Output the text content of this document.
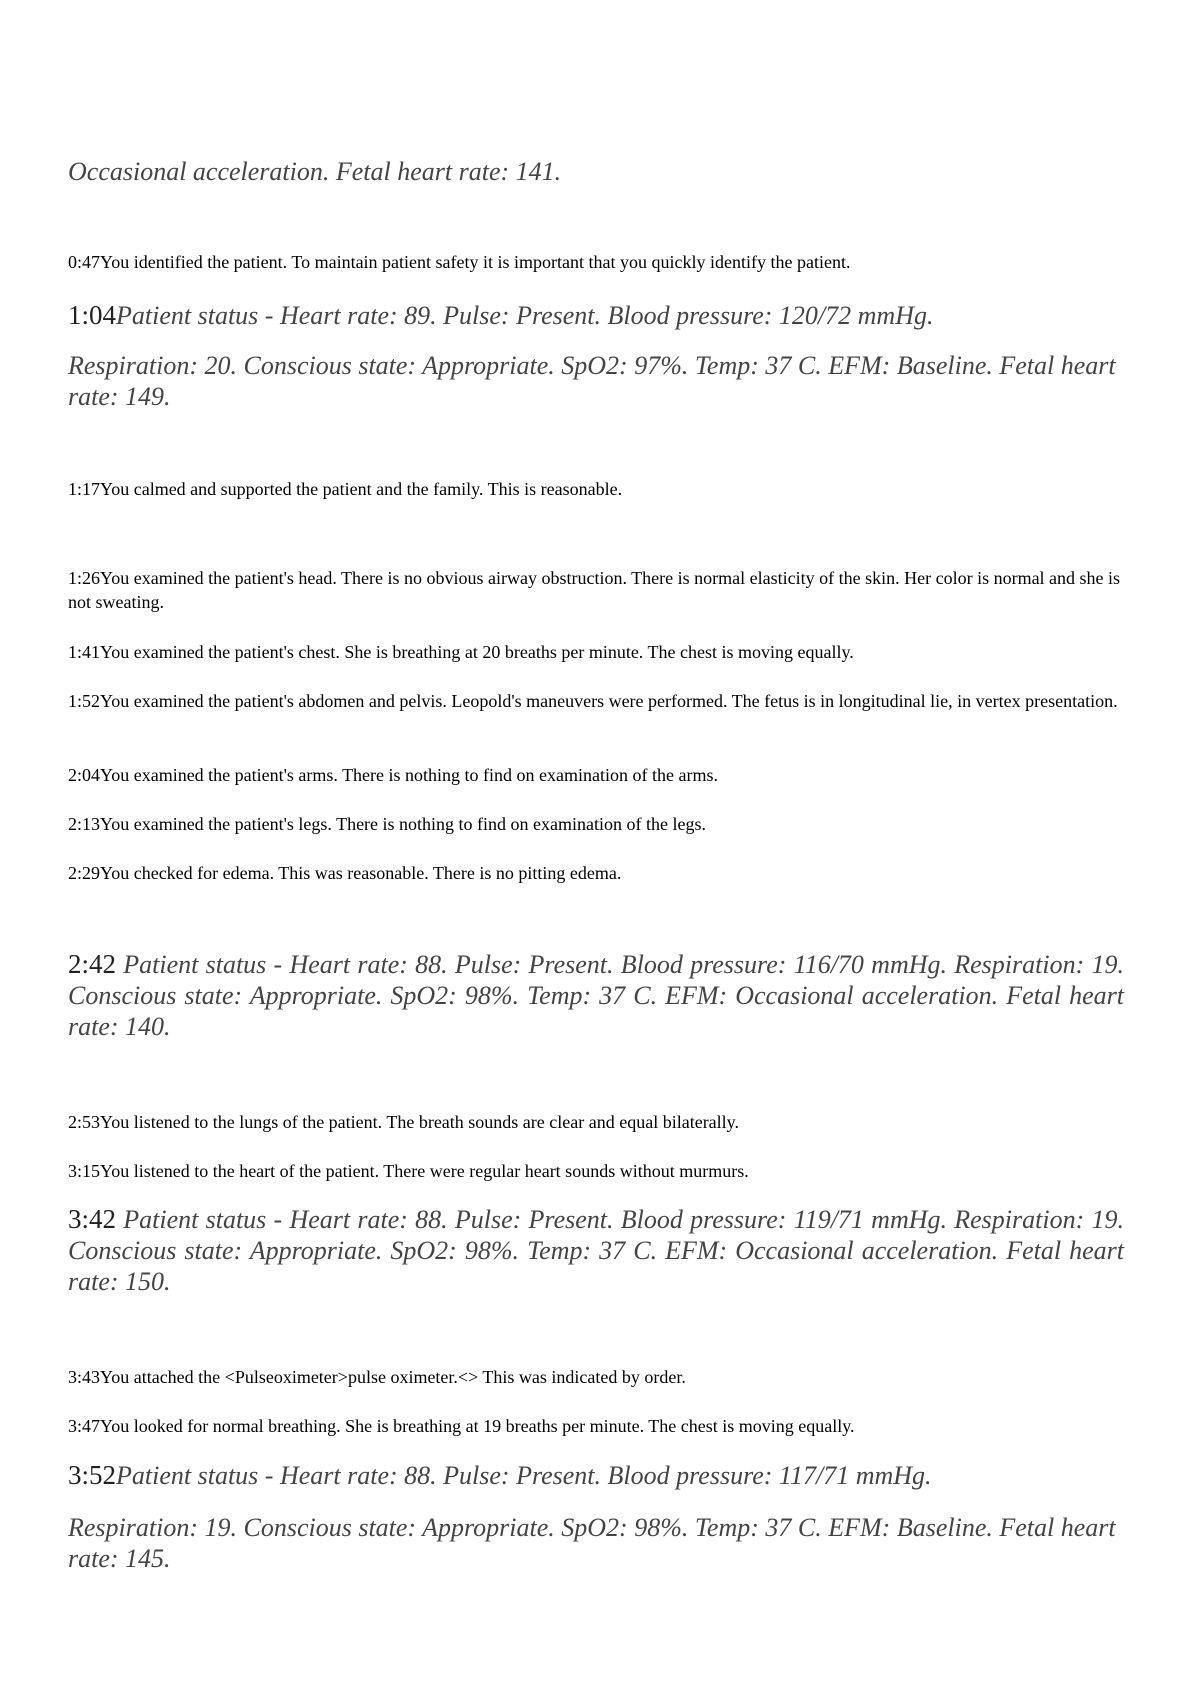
Occasional acceleration. Fetal heart rate: 141.
0:47You identified the patient. To maintain patient safety it is important that you quickly identify the patient.
1:04Patient status - Heart rate: 89. Pulse: Present. Blood pressure: 120/72 mmHg.
Respiration: 20. Conscious state: Appropriate. SpO2: 97%. Temp: 37 C. EFM: Baseline. Fetal heart rate: 149.
1:17You calmed and supported the patient and the family. This is reasonable.
1:26You examined the patient's head. There is no obvious airway obstruction. There is normal elasticity of the skin. Her color is normal and she is not sweating.
1:41You examined the patient's chest. She is breathing at 20 breaths per minute. The chest is moving equally.
1:52You examined the patient's abdomen and pelvis. Leopold's maneuvers were performed. The fetus is in longitudinal lie, in vertex presentation.
2:04You examined the patient's arms. There is nothing to find on examination of the arms.
2:13You examined the patient's legs. There is nothing to find on examination of the legs.
2:29You checked for edema. This was reasonable. There is no pitting edema.
2:42 Patient status - Heart rate: 88. Pulse: Present. Blood pressure: 116/70 mmHg. Respiration: 19. Conscious state: Appropriate. SpO2: 98%. Temp: 37 C. EFM: Occasional acceleration. Fetal heart rate: 140.
2:53You listened to the lungs of the patient. The breath sounds are clear and equal bilaterally.
3:15You listened to the heart of the patient. There were regular heart sounds without murmurs.
3:42 Patient status - Heart rate: 88. Pulse: Present. Blood pressure: 119/71 mmHg. Respiration: 19. Conscious state: Appropriate. SpO2: 98%. Temp: 37 C. EFM: Occasional acceleration. Fetal heart rate: 150.
3:43You attached the <Pulseoximeter>pulse oximeter.<> This was indicated by order.
3:47You looked for normal breathing. She is breathing at 19 breaths per minute. The chest is moving equally.
3:52Patient status - Heart rate: 88. Pulse: Present. Blood pressure: 117/71 mmHg.
Respiration: 19. Conscious state: Appropriate. SpO2: 98%. Temp: 37 C. EFM: Baseline. Fetal heart rate: 145.
